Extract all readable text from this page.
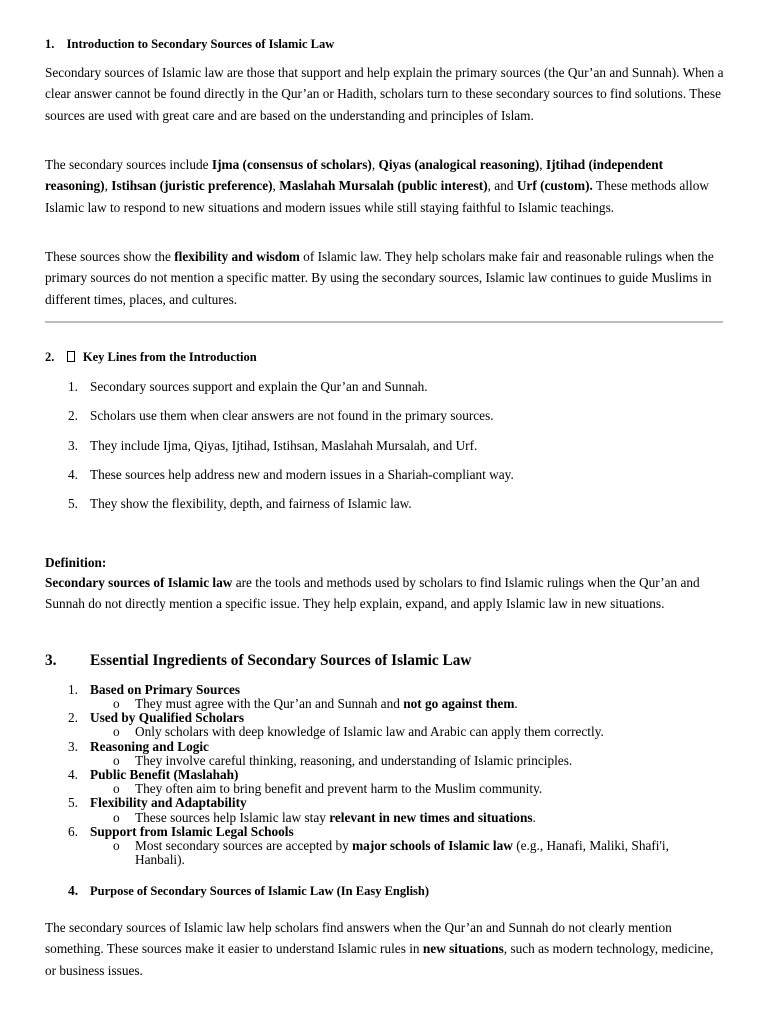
1. Introduction to Secondary Sources of Islamic Law
Secondary sources of Islamic law are those that support and help explain the primary sources (the Qur’an and Sunnah). When a clear answer cannot be found directly in the Qur’an or Hadith, scholars turn to these secondary sources to find solutions. These sources are used with great care and are based on the understanding and principles of Islam.
The secondary sources include Ijma (consensus of scholars), Qiyas (analogical reasoning), Ijtihad (independent reasoning), Istihsan (juristic preference), Maslahah Mursalah (public interest), and Urf (custom). These methods allow Islamic law to respond to new situations and modern issues while still staying faithful to Islamic teachings.
These sources show the flexibility and wisdom of Islamic law. They help scholars make fair and reasonable rulings when the primary sources do not mention a specific matter. By using the secondary sources, Islamic law continues to guide Muslims in different times, places, and cultures.
2. Key Lines from the Introduction
1. Secondary sources support and explain the Qur’an and Sunnah.
2. Scholars use them when clear answers are not found in the primary sources.
3. They include Ijma, Qiyas, Ijtihad, Istihsan, Maslahah Mursalah, and Urf.
4. These sources help address new and modern issues in a Shariah-compliant way.
5. They show the flexibility, depth, and fairness of Islamic law.
Definition:
Secondary sources of Islamic law are the tools and methods used by scholars to find Islamic rulings when the Qur’an and Sunnah do not directly mention a specific issue. They help explain, expand, and apply Islamic law in new situations.
3. Essential Ingredients of Secondary Sources of Islamic Law
1. Based on Primary Sources
o They must agree with the Qur’an and Sunnah and not go against them.
2. Used by Qualified Scholars
o Only scholars with deep knowledge of Islamic law and Arabic can apply them correctly.
3. Reasoning and Logic
o They involve careful thinking, reasoning, and understanding of Islamic principles.
4. Public Benefit (Maslahah)
o They often aim to bring benefit and prevent harm to the Muslim community.
5. Flexibility and Adaptability
o These sources help Islamic law stay relevant in new times and situations.
6. Support from Islamic Legal Schools
o Most secondary sources are accepted by major schools of Islamic law (e.g., Hanafi, Maliki, Shafi'i, Hanbali).
4. Purpose of Secondary Sources of Islamic Law (In Easy English)
The secondary sources of Islamic law help scholars find answers when the Qur’an and Sunnah do not clearly mention something. These sources make it easier to understand Islamic rules in new situations, such as modern technology, medicine, or business issues.
